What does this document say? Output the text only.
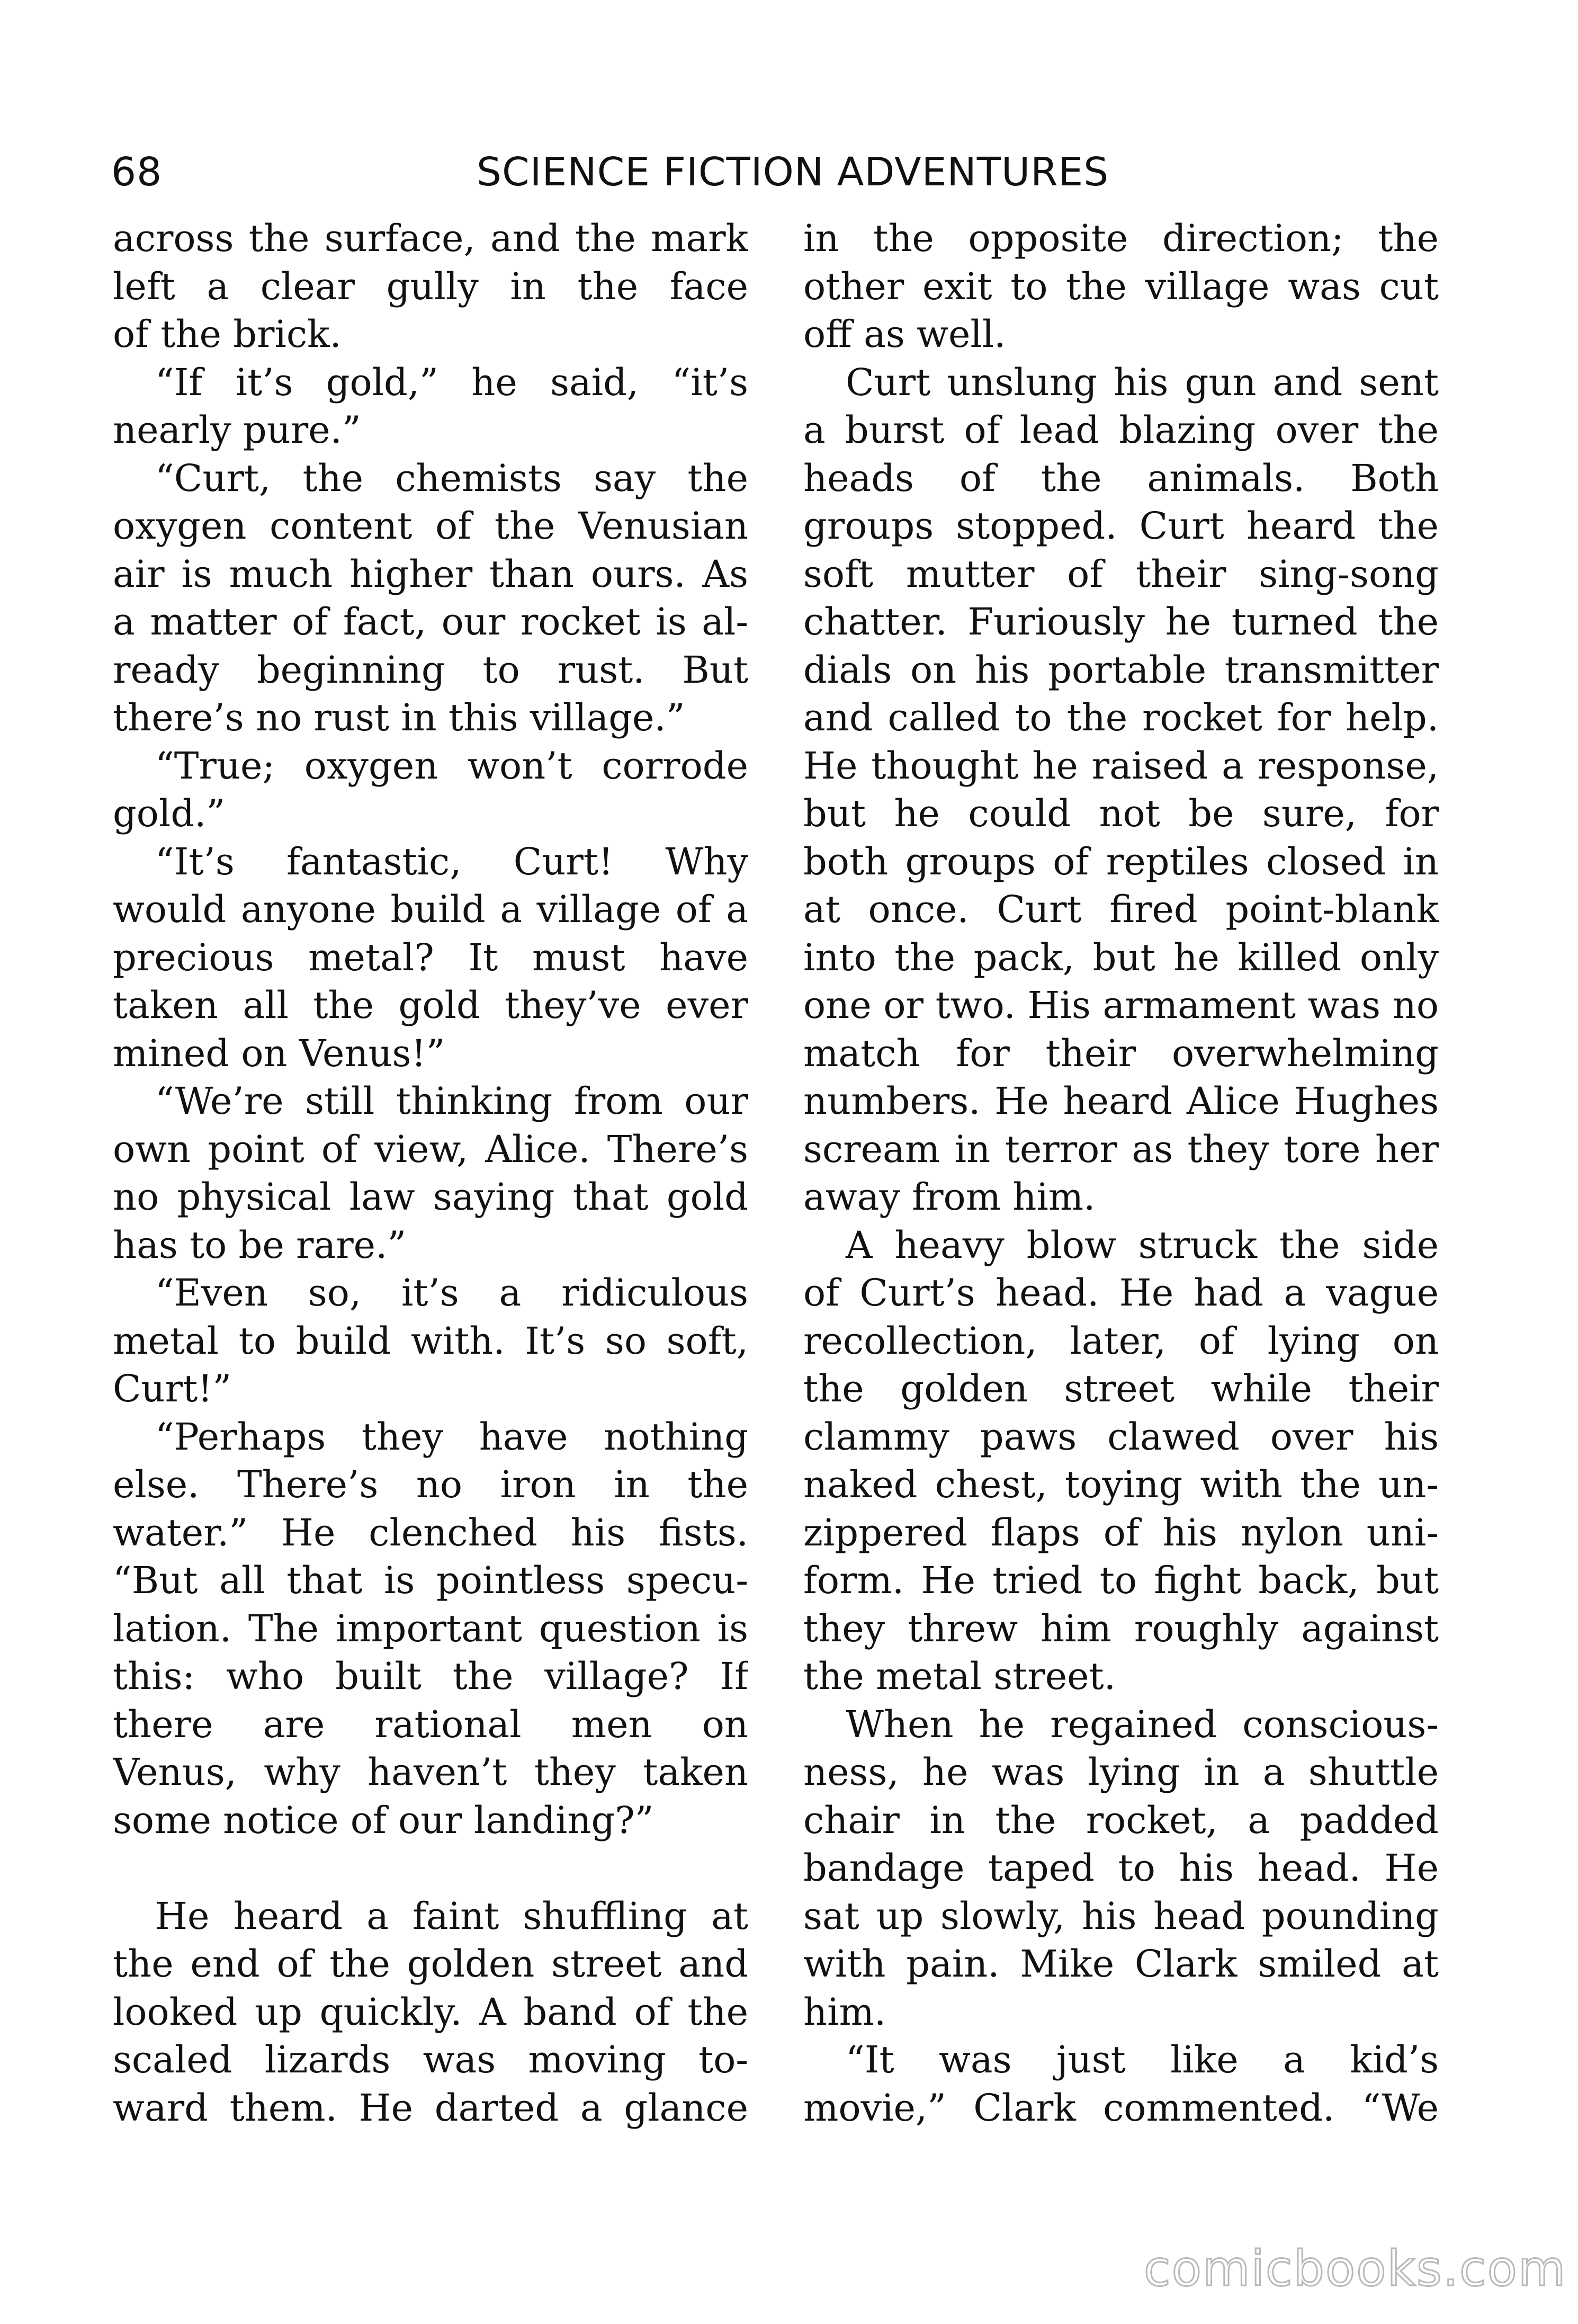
68	SCIENCE FICTION ADVENTURES
across the surface, and the mark
left a clear gully in the face
of the brick.
“If it’s gold,” he said, “it’s
nearly pure.”
“Curt, the chemists say the
oxygen content of the Venusian
air is much higher than ours. As
a matter of fact, our rocket is al-
ready beginning to rust. But
there’s no rust in this village.”
“True; oxygen won’t corrode
gold.”
“It’s fantastic, Curt! Why
would anyone build a village of a
precious metal? It must have
taken all the gold they’ve ever
mined on Venus!”
“We’re still thinking from our
own point of view, Alice. There’s
no physical law saying that gold
has to be rare.”
“Even so, it’s a ridiculous
metal to build with. It’s so soft,
Curt!”
“Perhaps they have nothing
else. There’s no iron in the
water.” He clenched his fists.
“But all that is pointless specu-
lation. The important question is
this: who built the village? If
there are rational men on
Venus, why haven’t they taken
some notice of our landing?”
He heard a faint shuffling at
the end of the golden street and
looked up quickly. A band of the
scaled lizards was moving to-
ward them. He darted a glance
in the opposite direction; the
other exit to the village was cut
off as well.
Curt unslung his gun and sent
a burst of lead blazing over the
heads of the animals. Both
groups stopped. Curt heard the
soft mutter of their sing-song
chatter. Furiously he turned the
dials on his portable transmitter
and called to the rocket for help.
He thought he raised a response,
but he could not be sure, for
both groups of reptiles closed in
at once. Curt fired point-blank
into the pack, but he killed only
one or two. His armament was no
match for their overwhelming
numbers. He heard Alice Hughes
scream in terror as they tore her
away from him.
A heavy blow struck the side
of Curt’s head. He had a vague
recollection, later, of lying on
the golden street while their
clammy paws clawed over his
naked chest, toying with the un-
zippered flaps of his nylon uni-
form. He tried to fight back, but
they threw him roughly against
the metal street.
When he regained conscious-
ness, he was lying in a shuttle
chair in the rocket, a padded
bandage taped to his head. He
sat up slowly, his head pounding
with pain. Mike Clark smiled at
him.
“It was just like a kid’s
movie,” Clark commented. “We
comicbooks.com
